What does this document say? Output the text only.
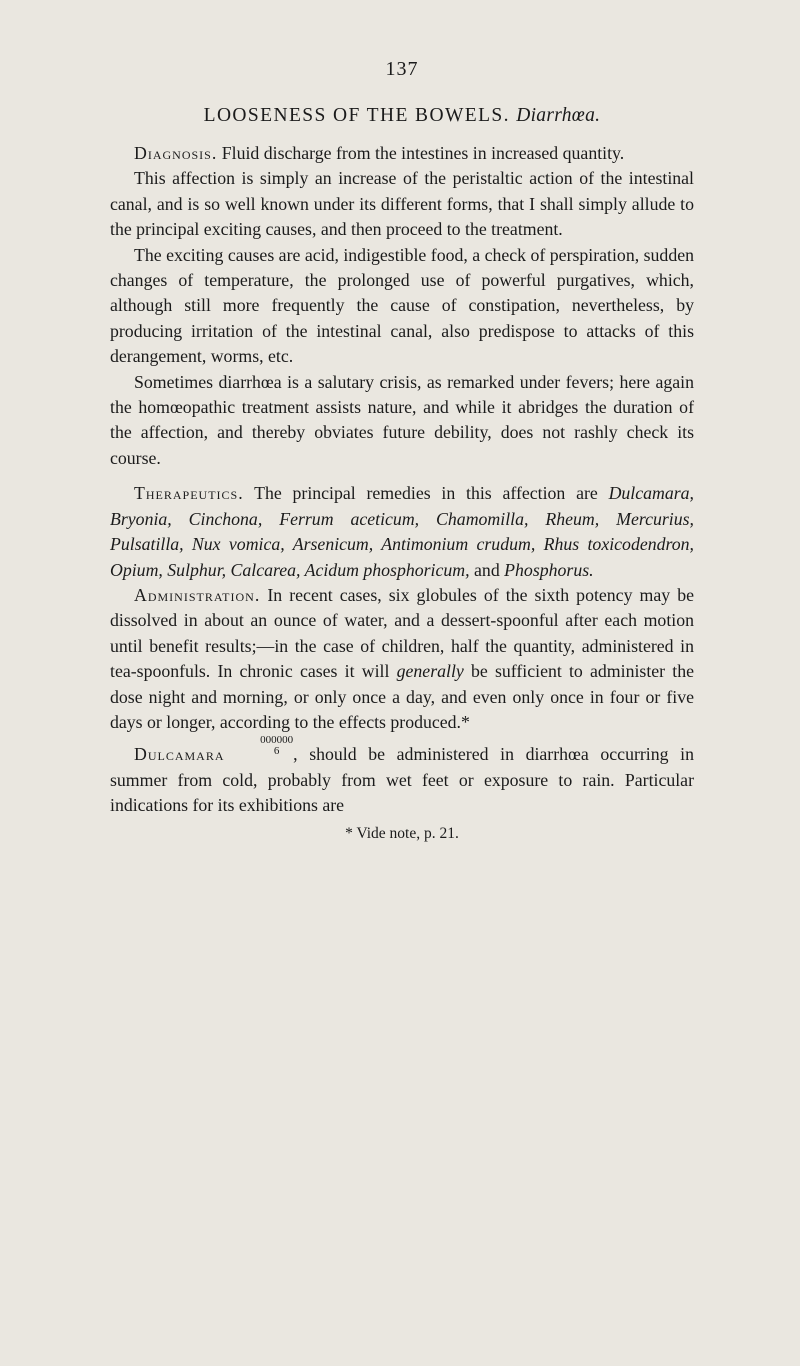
137
LOOSENESS OF THE BOWELS. Diarrhœa.

Diagnosis. Fluid discharge from the intestines in increased quantity.

This affection is simply an increase of the peristaltic action of the intestinal canal, and is so well known under its different forms, that I shall simply allude to the principal exciting causes, and then proceed to the treatment.

The exciting causes are acid, indigestible food, a check of perspiration, sudden changes of temperature, the prolonged use of powerful purgatives, which, although still more frequently the cause of constipation, nevertheless, by producing irritation of the intestinal canal, also predispose to attacks of this derangement, worms, etc.

Sometimes diarrhœa is a salutary crisis, as remarked under fevers; here again the homœopathic treatment assists nature, and while it abridges the duration of the affection, and thereby obviates future debility, does not rashly check its course.

Therapeutics. The principal remedies in this affection are Dulcamara, Bryonia, Cinchona, Ferrum aceticum, Chamomilla, Rheum, Mercurius, Pulsatilla, Nux vomica, Arsenicum, Antimonium crudum, Rhus toxicodendron, Opium, Sulphur, Calcarea, Acidum phosphoricum, and Phosphorus.

Administration. In recent cases, six globules of the sixth potency may be dissolved in about an ounce of water, and a dessert-spoonful after each motion until benefit results;—in the case of children, half the quantity, administered in tea-spoonfuls. In chronic cases it will generally be sufficient to administer the dose night and morning, or only once a day, and even only once in four or five days or longer, according to the effects produced.*

Dulcamara
000000
6 , should be administered in diarrhœa occurring in summer from cold, probably from wet feet or exposure to rain. Particular indications for its exhibitions are

* Vide note, p. 21.
